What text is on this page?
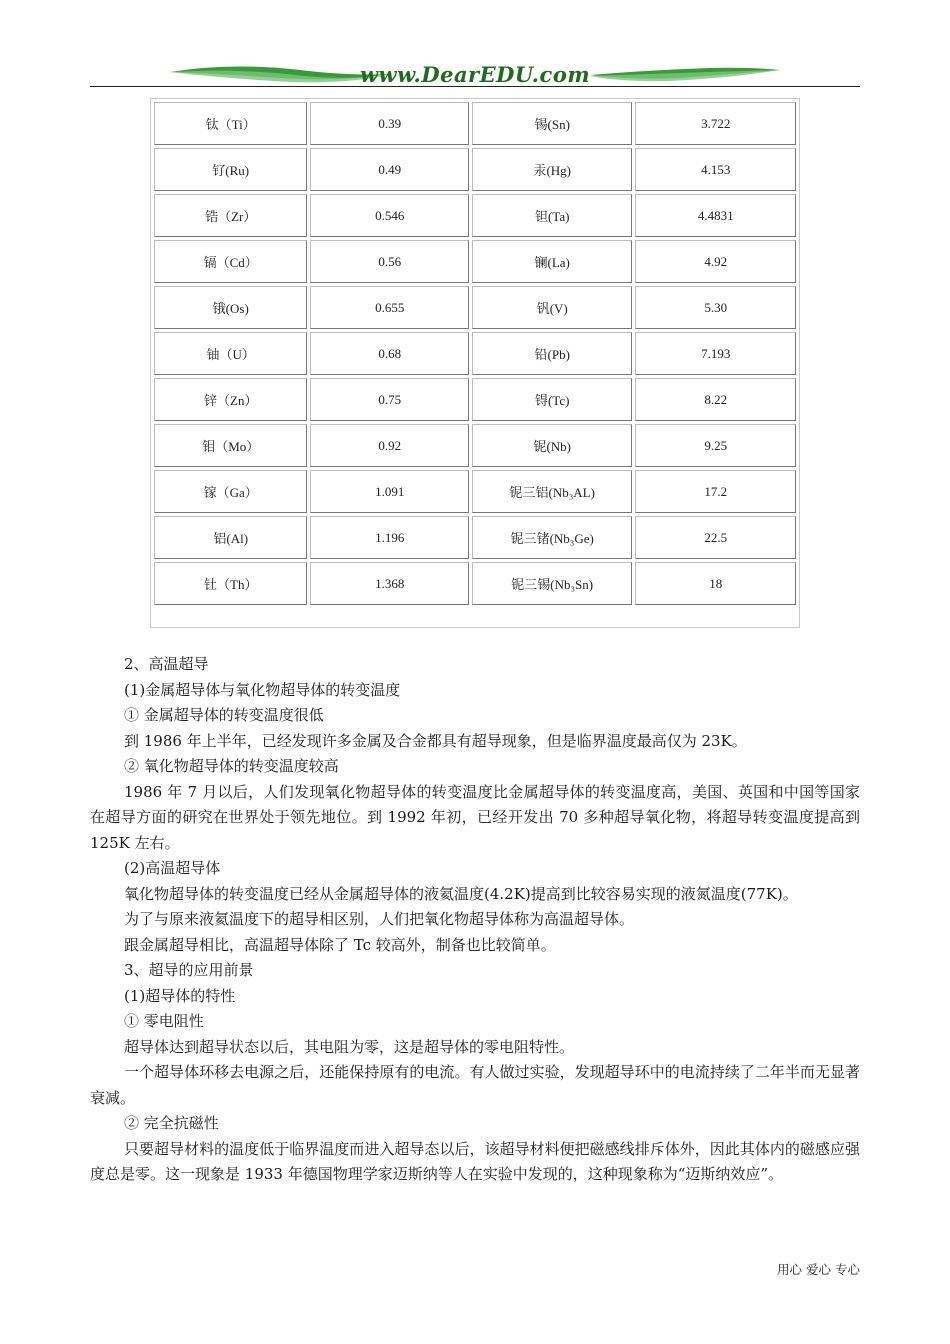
www.DearEDU.com
钛（Ti）	0.39	锡(Sn)	3.722
钌(Ru)	0.49	汞(Hg)	4.153
锆（Zr）	0.546	钽(Ta)	4.4831
镉（Cd）	0.56	镧(La)	4.92
锇(Os)	0.655	钒(V)	5.30
铀（U）	0.68	铅(Pb)	7.193
锌（Zn）	0.75	锝(Tc)	8.22
钼（Mo）	0.92	铌(Nb)	9.25
镓（Ga）	1.091	铌三铝(Nb₃AL)	17.2
铝(Al)	1.196	铌三锗(Nb₃Ge)	22.5
钍（Th）	1.368	铌三锡(Nb₃Sn)	18

2、高温超导

(1)金属超导体与氧化物超导体的转变温度

① 金属超导体的转变温度很低

到 1986 年上半年，已经发现许多金属及合金都具有超导现象，但是临界温度最高仅为 23K。

② 氧化物超导体的转变温度较高

1986 年 7 月以后，人们发现氧化物超导体的转变温度比金属超导体的转变温度高，美国、英国和中国等国家在超导方面的研究在世界处于领先地位。到 1992 年初，已经开发出 70 多种超导氧化物，将超导转变温度提高到 125K 左右。

(2)高温超导体

氧化物超导体的转变温度已经从金属超导体的液氦温度(4.2K)提高到比较容易实现的液氮温度(77K)。

为了与原来液氦温度下的超导相区别，人们把氧化物超导体称为高温超导体。

跟金属超导相比，高温超导体除了 Tc 较高外，制备也比较简单。

3、超导的应用前景

(1)超导体的特性

① 零电阻性

超导体达到超导状态以后，其电阻为零，这是超导体的零电阻特性。

一个超导体环移去电源之后，还能保持原有的电流。有人做过实验，发现超导环中的电流持续了二年半而无显著衰减。

② 完全抗磁性

只要超导材料的温度低于临界温度而进入超导态以后，该超导材料便把磁感线排斥体外，因此其体内的磁感应强度总是零。这一现象是 1933 年德国物理学家迈斯纳等人在实验中发现的，这种现象称为“迈斯纳效应”。

用心 爱心 专心
